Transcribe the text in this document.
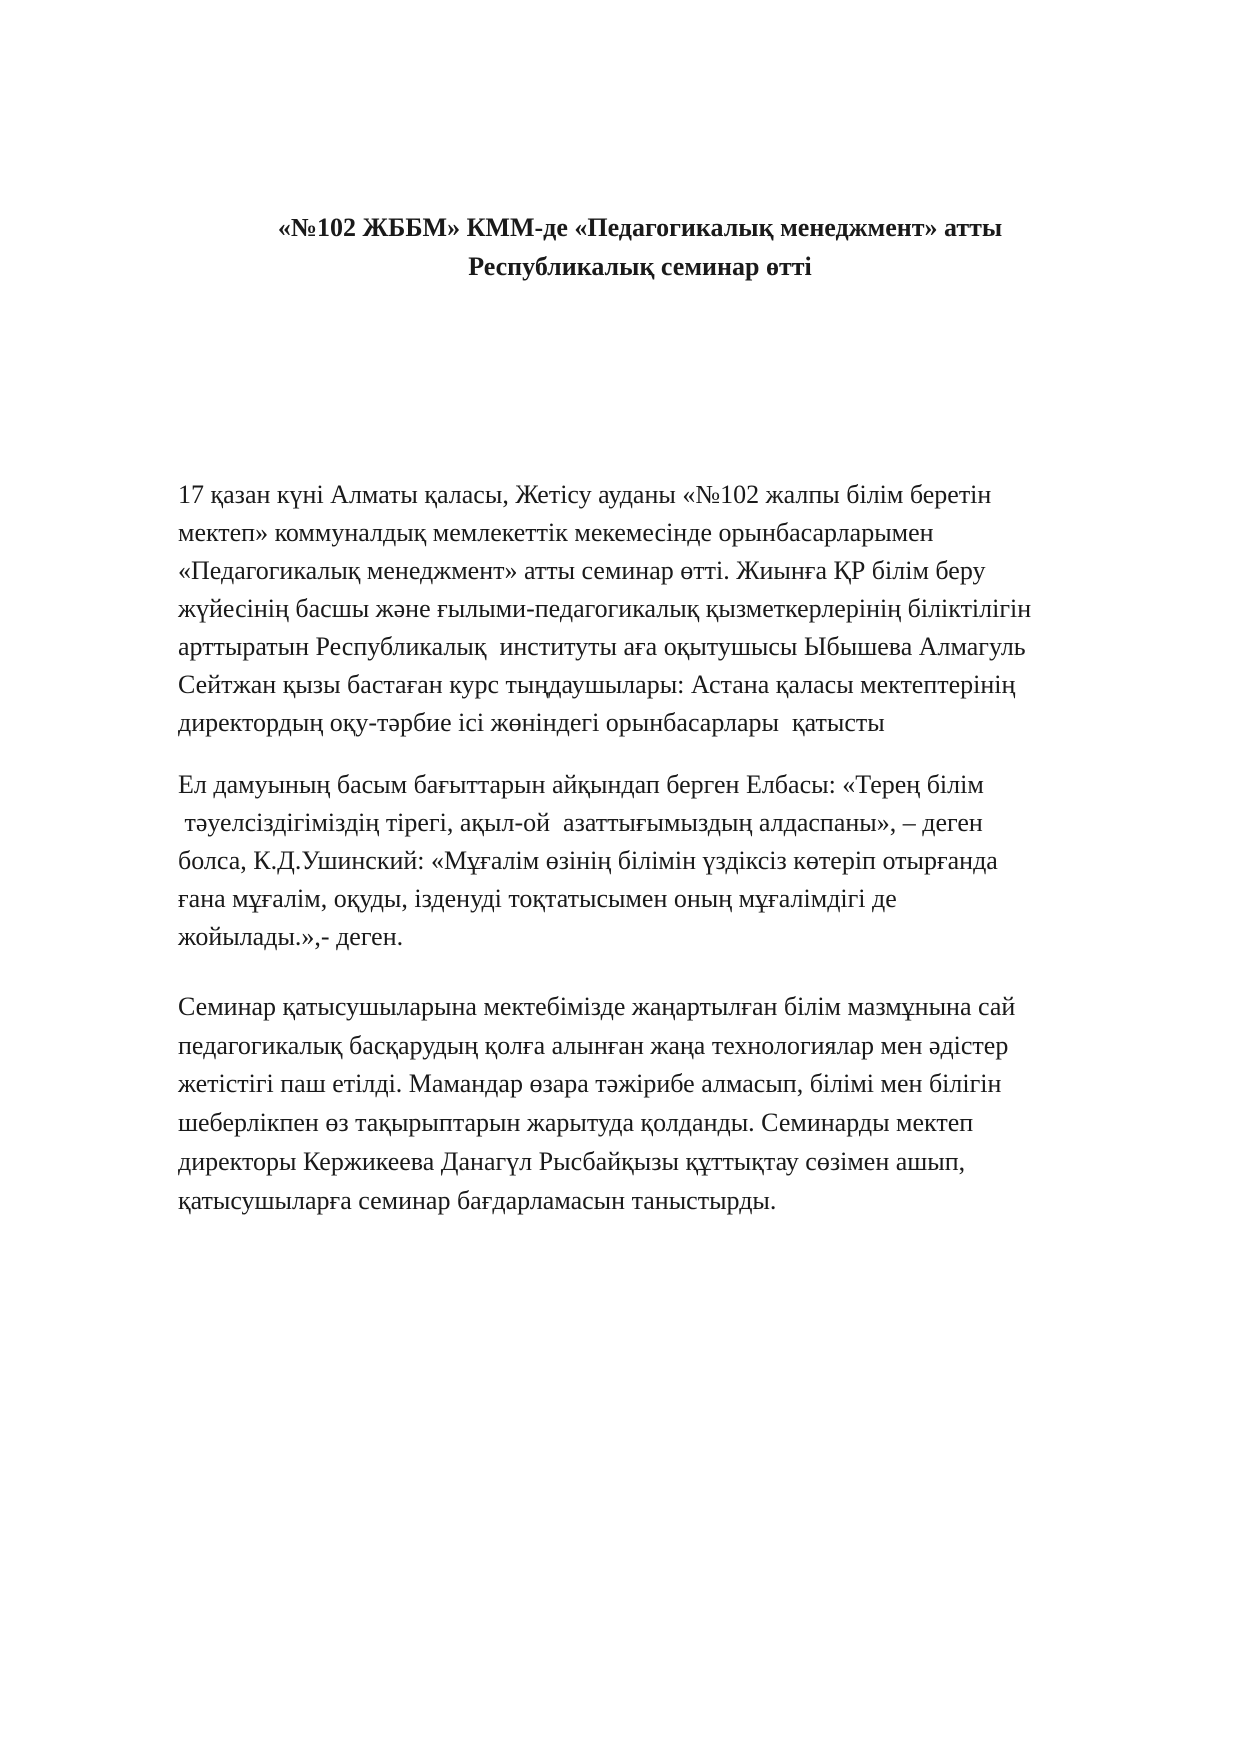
«№102 ЖББМ» КММ-де «Педагогикалық менеджмент» атты
Республикалық семинар өтті
17 қазан күні Алматы қаласы, Жетісу ауданы «№102 жалпы білім беретін
мектеп» коммуналдық мемлекеттік мекемесінде орынбасарларымен
«Педагогикалық менеджмент» атты семинар өтті. Жиынға ҚР білім беру
жүйесінің басшы және ғылыми-педагогикалық қызметкерлерінің біліктілігін
арттыратын Республикалық  институты аға оқытушысы Ыбышева Алмагуль
Сейтжан қызы бастаған курс тыңдаушылары: Астана қаласы мектептерінің
директордың оқу-тәрбие ісі жөніндегі орынбасарлары  қатысты
Ел дамуының басым бағыттарын айқындап берген Елбасы: «Терең білім
тәуелсіздігіміздің тірегі, ақыл-ой  азаттығымыздың алдаспаны», – деген
болса, К.Д.Ушинский: «Мұғалім өзінің білімін үздіксіз көтеріп отырғанда
ғана мұғалім, оқуды, ізденуді тоқтатысымен оның мұғалімдігі де
жойылады.»,- деген.
Семинар қатысушыларына мектебімізде жаңартылған білім мазмұнына сай
педагогикалық басқарудың қолға алынған жаңа технологиялар мен әдістер
жетістігі паш етілді. Мамандар өзара тәжірибе алмасып, білімі мен білігін
шеберлікпен өз тақырыптарын жарытуда қолданды. Семинарды мектеп
директоры Кержикеева Данагүл Рысбайқызы құттықтау сөзімен ашып,
қатысушыларға семинар бағдарламасын таныстырды.
